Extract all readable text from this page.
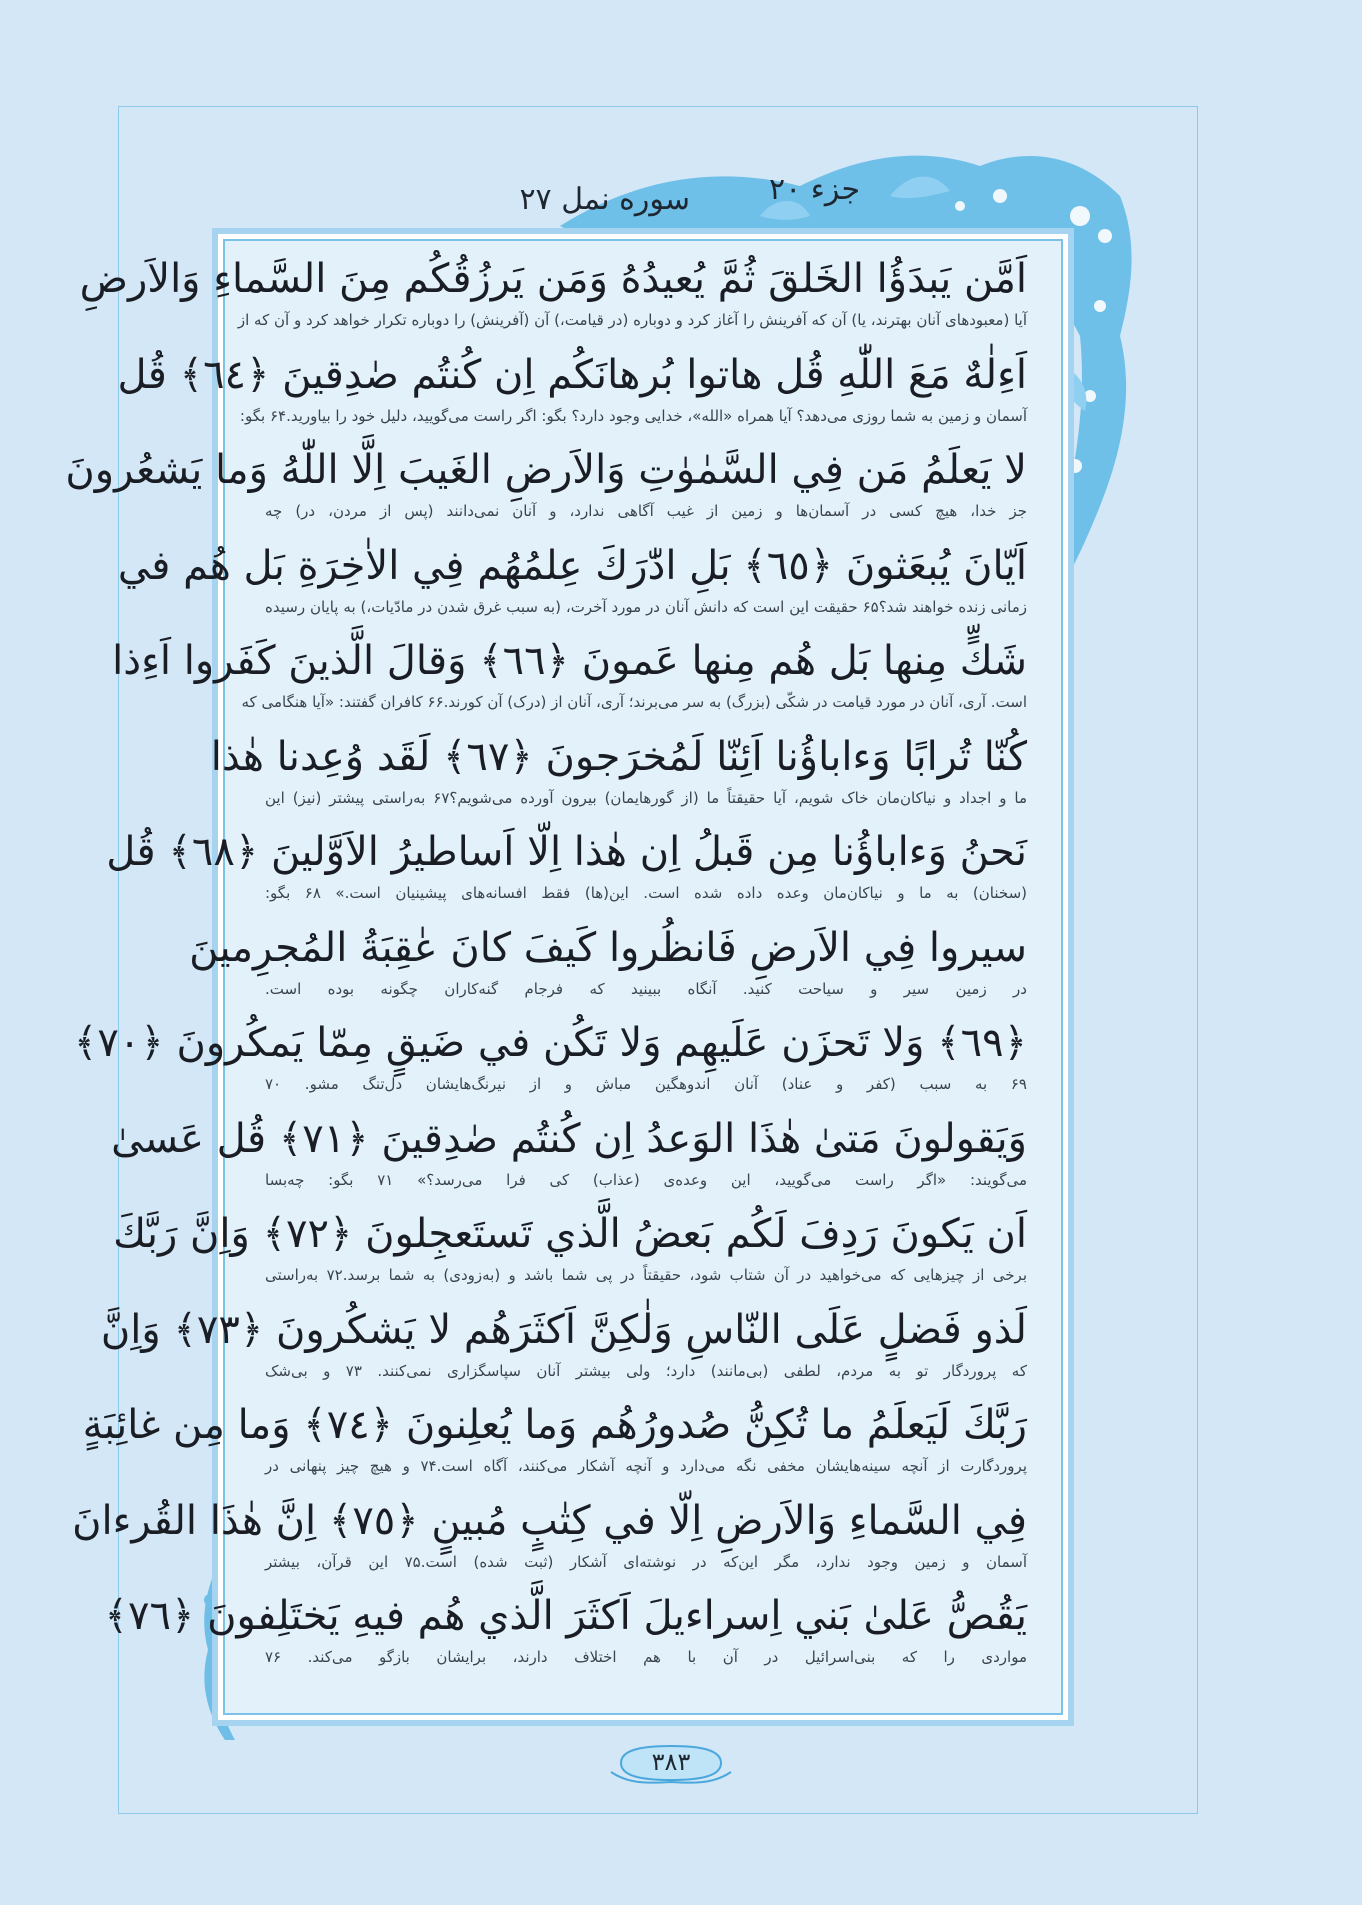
جزء ۲۰
سوره نمل ۲۷
اَمَّن يَبدَؤُا الخَلقَ ثُمَّ يُعيدُهُ وَمَن يَرزُقُكُم مِنَ السَّماءِ وَالاَرضِ
آیا (معبودهای آنان بهترند، یا) آن که آفرینش را آغاز کرد و دوباره (در قیامت،) آن (آفرینش) را دوباره تکرار خواهد کرد و آن که از
اَءِلٰهٌ مَعَ اللّٰهِ قُل هاتوا بُرهانَكُم اِن كُنتُم صٰدِقينَ ﴿٦٤﴾ قُل
آسمان و زمین به شما روزی می‌دهد؟ آیا همراه «الله»، خدایی وجود دارد؟ بگو: اگر راست می‌گویید، دلیل خود را بیاورید.۶۴ بگو:
لا يَعلَمُ مَن فِي السَّمٰوٰتِ وَالاَرضِ الغَيبَ اِلَّا اللّٰهُ وَما يَشعُرونَ
جز خدا، هیچ کسی در آسمان‌ها و زمین از غیب آگاهی ندارد، و آنان نمی‌دانند (پس از مردن، در) چه
اَيّانَ يُبعَثونَ ﴿٦٥﴾ بَلِ ادّٰرَكَ عِلمُهُم فِي الاٰخِرَةِ بَل هُم في
زمانی زنده خواهند شد؟۶۵ حقیقت این است که دانش آنان در مورد آخرت، (به سبب غرق شدن در مادّیات،) به پایان رسیده
شَكٍّ مِنها بَل هُم مِنها عَمونَ ﴿٦٦﴾ وَقالَ الَّذينَ كَفَروا اَءِذا
است. آری، آنان در مورد قیامت در شکّی (بزرگ) به سر می‌برند؛ آری، آنان از (درک) آن کورند.۶۶ کافران گفتند: «آیا هنگامی که
كُنّا تُرابًا وَءاباؤُنا اَئِنّا لَمُخرَجونَ ﴿٦٧﴾ لَقَد وُعِدنا هٰذا
ما و اجداد و نیاکان‌مان خاک شویم، آیا حقیقتاً ما (از گورهایمان) بیرون آورده می‌شویم؟۶۷ به‌راستی پیشتر (نیز) این
نَحنُ وَءاباؤُنا مِن قَبلُ اِن هٰذا اِلّا اَساطيرُ الاَوَّلينَ ﴿٦٨﴾ قُل
(سخنان) به ما و نیاکان‌مان وعده داده شده است. این(ها) فقط افسانه‌های پیشینیان است.» ۶۸ بگو:
سيروا فِي الاَرضِ فَانظُروا كَيفَ كانَ عٰقِبَةُ المُجرِمينَ
در زمین سیر و سیاحت کنید. آنگاه ببینید که فرجام گنه‌کاران چگونه بوده است.
﴿٦٩﴾ وَلا تَحزَن عَلَيهِم وَلا تَكُن في ضَيقٍ مِمّا يَمكُرونَ ﴿٧٠﴾
۶۹ به سبب (کفر و عناد) آنان اندوهگین مباش و از نیرنگ‌هایشان دل‌تنگ مشو. ۷۰
وَيَقولونَ مَتىٰ هٰذَا الوَعدُ اِن كُنتُم صٰدِقينَ ﴿٧١﴾ قُل عَسىٰ
می‌گویند: «اگر راست می‌گویید، این وعده‌ی (عذاب) کی فرا می‌رسد؟» ۷۱ بگو: چه‌بسا
اَن يَكونَ رَدِفَ لَكُم بَعضُ الَّذي تَستَعجِلونَ ﴿٧٢﴾ وَاِنَّ رَبَّكَ
برخی از چیزهایی که می‌خواهید در آن شتاب شود، حقیقتاً در پی شما باشد و (به‌زودی) به شما برسد.۷۲ به‌راستی
لَذو فَضلٍ عَلَى النّاسِ وَلٰكِنَّ اَكثَرَهُم لا يَشكُرونَ ﴿٧٣﴾ وَاِنَّ
که پروردگار تو به مردم، لطفی (بی‌مانند) دارد؛ ولی بیشتر آنان سپاسگزاری نمی‌کنند. ۷۳ و بی‌شک
رَبَّكَ لَيَعلَمُ ما تُكِنُّ صُدورُهُم وَما يُعلِنونَ ﴿٧٤﴾ وَما مِن غائِبَةٍ
پروردگارت از آنچه سینه‌هایشان مخفی نگه می‌دارد و آنچه آشکار می‌کنند، آگاه است.۷۴ و هیچ چیز پنهانی در
فِي السَّماءِ وَالاَرضِ اِلّا في كِتٰبٍ مُبينٍ ﴿٧٥﴾ اِنَّ هٰذَا القُرءانَ
آسمان و زمین وجود ندارد، مگر این‌که در نوشته‌ای آشکار (ثبت شده) است.۷۵ این قرآن، بیشتر
يَقُصُّ عَلىٰ بَني اِسراءيلَ اَكثَرَ الَّذي هُم فيهِ يَختَلِفونَ ﴿٧٦﴾
مواردی را که بنی‌اسرائیل در آن با هم اختلاف دارند، برایشان بازگو می‌کند. ۷۶
۳۸۳
